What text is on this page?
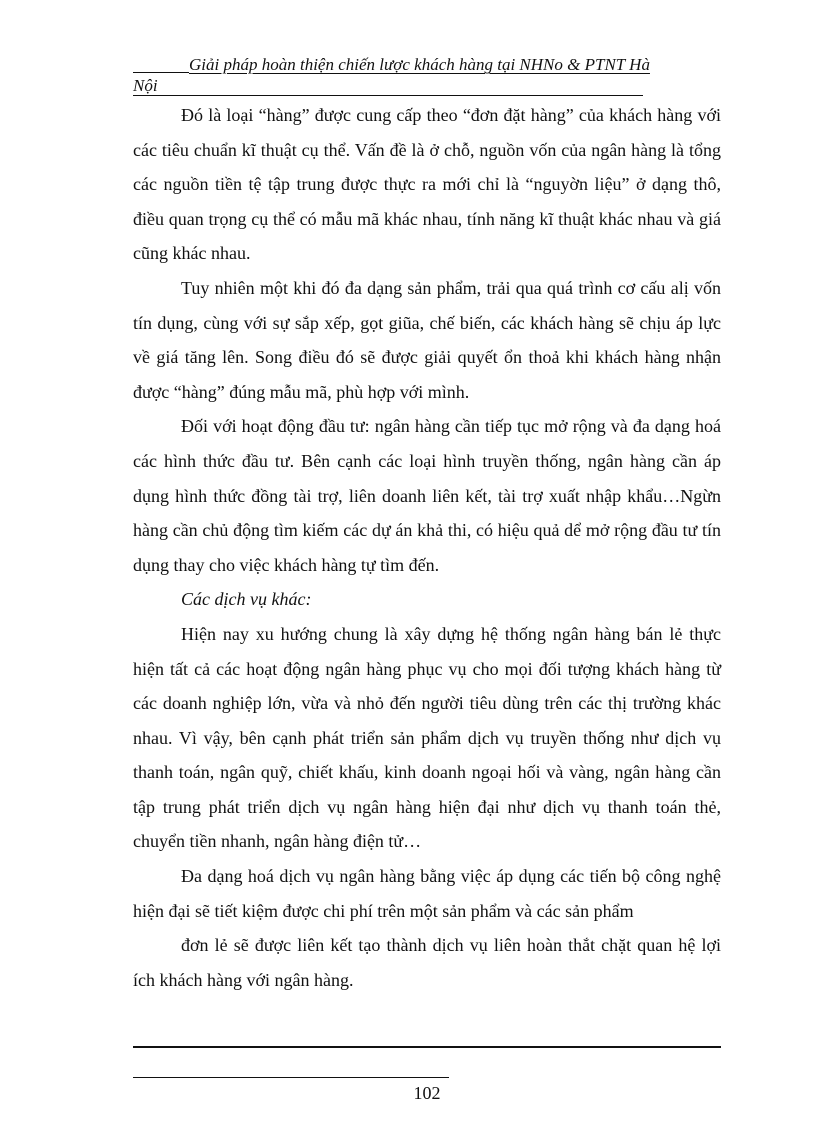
Giải pháp hoàn thiện chiến lược khách hàng tại NHNo & PTNT Hà
Nội

Đó là loại “hàng” được cung cấp theo “đơn đặt hàng” của khách hàng với các tiêu chuẩn kĩ thuật cụ thể. Vấn đề là ở chỗ, nguồn vốn của ngân hàng là tổng các nguồn tiền tệ tập trung được thực ra mới chỉ là “nguyờn liệu” ở dạng thô, điều quan trọng cụ thể có mẫu mã khác nhau, tính năng kĩ thuật khác nhau và giá cũng khác nhau.

Tuy nhiên một khi đó đa dạng sản phẩm, trải qua quá trình cơ cấu alị vốn tín dụng, cùng với sự sắp xếp, gọt giũa, chế biến, các khách hàng sẽ chịu áp lực về giá tăng lên. Song điều đó sẽ được giải quyết ổn thoả khi khách hàng nhận được “hàng” đúng mẫu mã, phù hợp với mình.

Đối với hoạt động đầu tư: ngân hàng cần tiếp tục mở rộng và đa dạng hoá các hình thức đầu tư. Bên cạnh các loại hình truyền thống, ngân hàng cần áp dụng hình thức đồng tài trợ, liên doanh liên kết, tài trợ xuất nhập khẩu…Ngừn hàng cần chủ động tìm kiếm các dự án khả thi, có hiệu quả dể mở rộng đầu tư tín dụng thay cho việc khách hàng tự tìm đến.

Các dịch vụ khác:

Hiện nay xu hướng chung là xây dựng hệ thống ngân hàng bán lẻ thực hiện tất cả các hoạt động ngân hàng phục vụ cho mọi đối tượng khách hàng từ các doanh nghiệp lớn, vừa và nhỏ đến người tiêu dùng trên các thị trường khác nhau. Vì vậy, bên cạnh phát triển sản phẩm dịch vụ truyền thống như dịch vụ thanh toán, ngân quỹ, chiết khấu, kinh doanh ngoại hối và vàng, ngân hàng cần tập trung phát triển dịch vụ ngân hàng hiện đại như dịch vụ thanh toán thẻ, chuyển tiền nhanh, ngân hàng điện tử…

Đa dạng hoá dịch vụ ngân hàng bằng việc áp dụng các tiến bộ công nghệ hiện đại sẽ tiết kiệm được chi phí trên một sản phẩm và các sản phẩm

đơn lẻ sẽ được liên kết tạo thành dịch vụ liên hoàn thắt chặt quan hệ lợi ích khách hàng với ngân hàng.

102
